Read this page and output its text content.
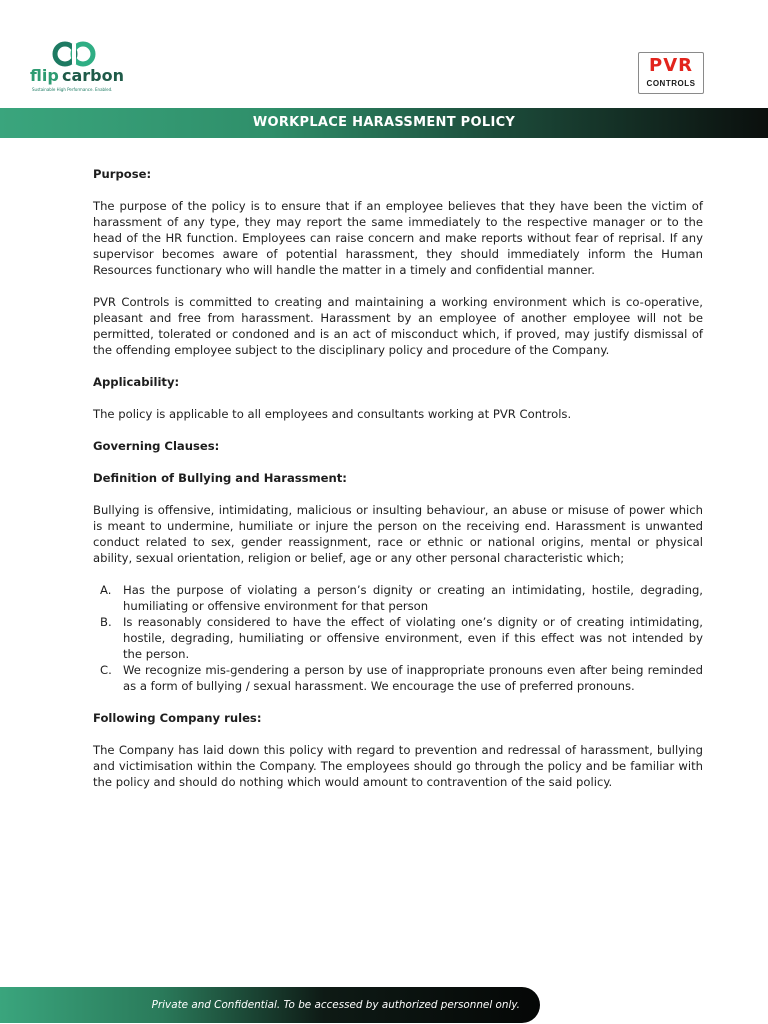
flip carbon
Sustainable High Performance. Enabled.
PVR
CONTROLS
WORKPLACE HARASSMENT POLICY
Purpose:

The purpose of the policy is to ensure that if an employee believes that they have been the victim of harassment of any type, they may report the same immediately to the respective manager or to the head of the HR function. Employees can raise concern and make reports without fear of reprisal. If any supervisor becomes aware of potential harassment, they should immediately inform the Human Resources functionary who will handle the matter in a timely and confidential manner.

PVR Controls is committed to creating and maintaining a working environment which is co-operative, pleasant and free from harassment. Harassment by an employee of another employee will not be permitted, tolerated or condoned and is an act of misconduct which, if proved, may justify dismissal of the offending employee subject to the disciplinary policy and procedure of the Company.

Applicability:

The policy is applicable to all employees and consultants working at PVR Controls.

Governing Clauses:
Definition of Bullying and Harassment:

Bullying is offensive, intimidating, malicious or insulting behaviour, an abuse or misuse of power which is meant to undermine, humiliate or injure the person on the receiving end. Harassment is unwanted conduct related to sex, gender reassignment, race or ethnic or national origins, mental or physical ability, sexual orientation, religion or belief, age or any other personal characteristic which;

A. Has the purpose of violating a person’s dignity or creating an intimidating, hostile, degrading, humiliating or offensive environment for that person
B. Is reasonably considered to have the effect of violating one’s dignity or of creating intimidating, hostile, degrading, humiliating or offensive environment, even if this effect was not intended by the person.
C. We recognize mis-gendering a person by use of inappropriate pronouns even after being reminded as a form of bullying / sexual harassment. We encourage the use of preferred pronouns.
Following Company rules:

The Company has laid down this policy with regard to prevention and redressal of harassment, bullying and victimisation within the Company. The employees should go through the policy and be familiar with the policy and should do nothing which would amount to contravention of the said policy.

Private and Confidential. To be accessed by authorized personnel only.
